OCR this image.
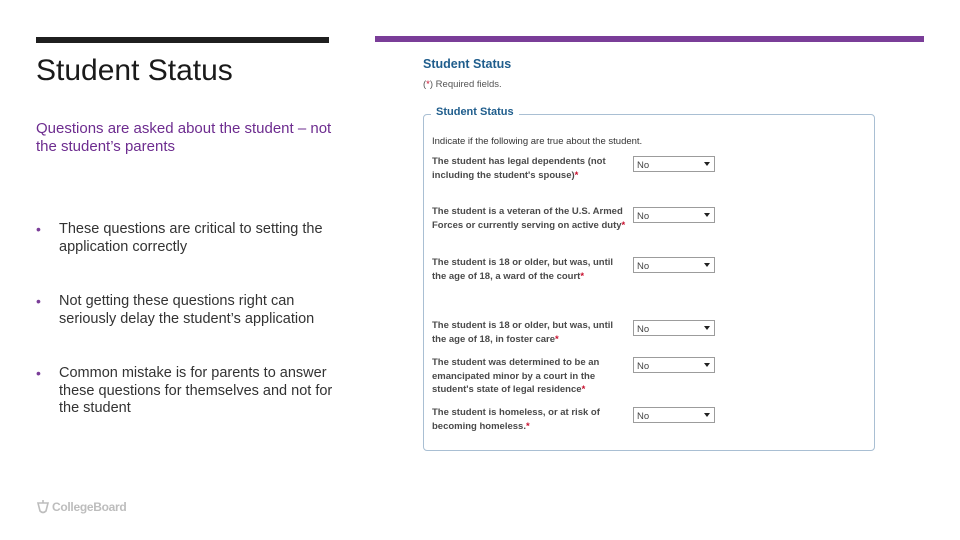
Student Status
Questions are asked about the student – not the student’s parents
• These questions are critical to setting the application correctly
• Not getting these questions right can seriously delay the student’s application
• Common mistake is for parents to answer these questions for themselves and not for the student
CollegeBoard
Student Status
(*) Required fields.
Student Status
Indicate if the following are true about the student.
The student has legal dependents (not including the student's spouse)*
No
The student is a veteran of the U.S. Armed Forces or currently serving on active duty*
No
The student is 18 or older, but was, until the age of 18, a ward of the court*
No
The student is 18 or older, but was, until the age of 18, in foster care*
No
The student was determined to be an emancipated minor by a court in the student's state of legal residence*
No
The student is homeless, or at risk of becoming homeless.*
No
